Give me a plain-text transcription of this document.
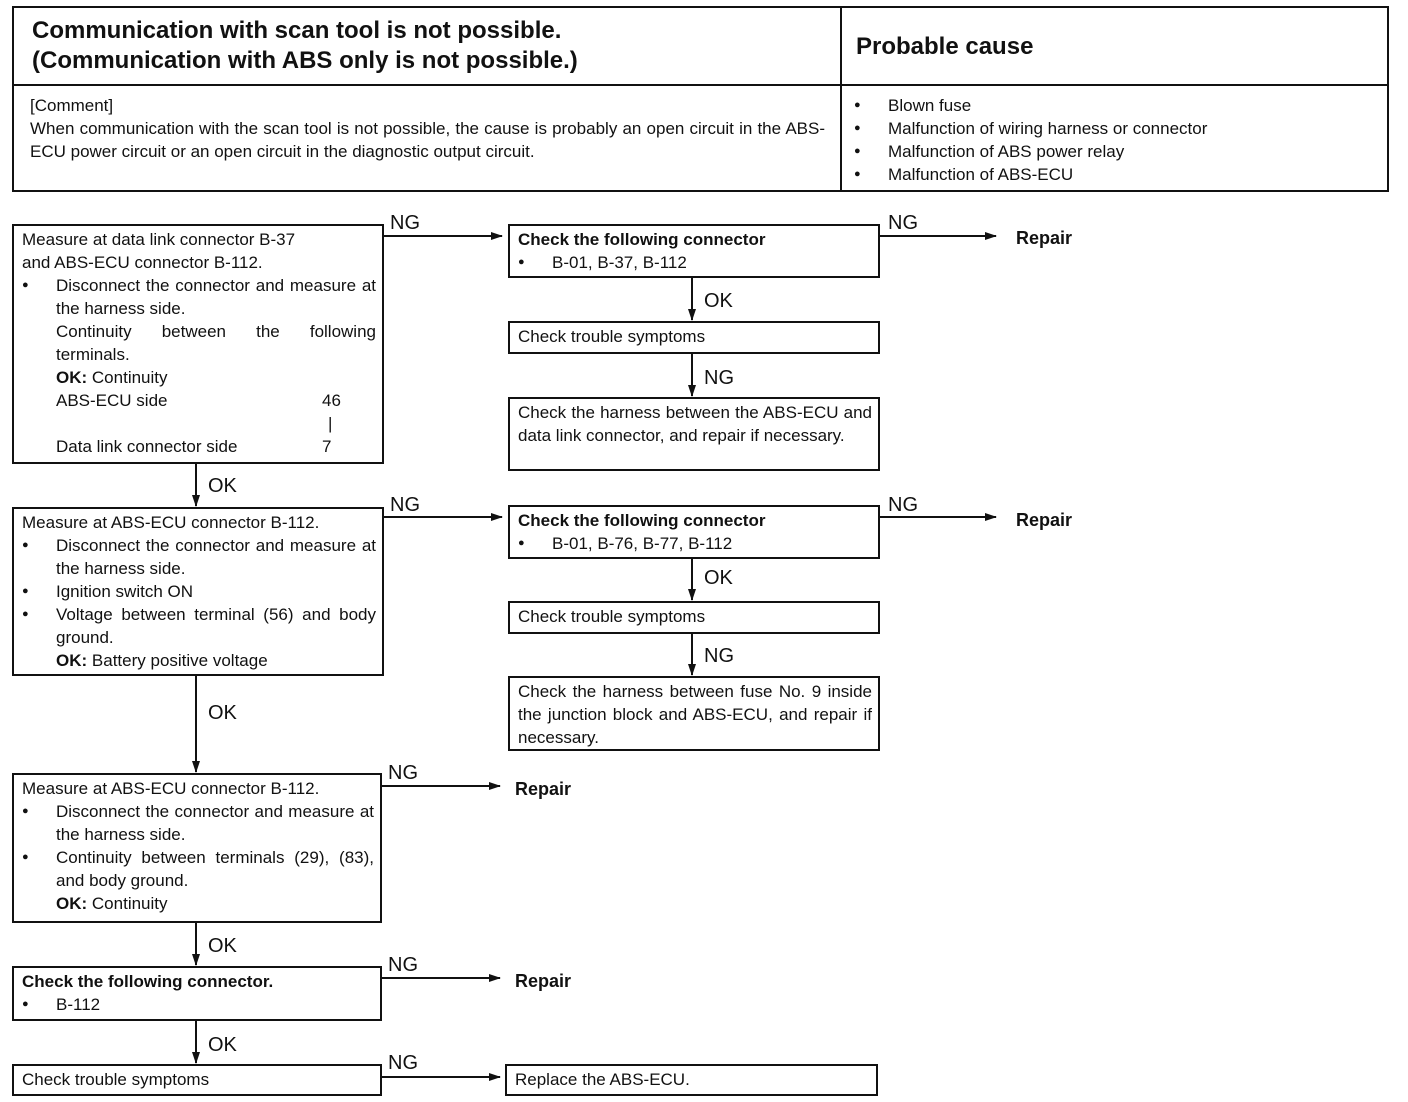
Communication with scan tool is not possible.
(Communication with ABS only is not possible.)
Probable cause
[Comment]
When communication with the scan tool is not possible, the cause is probably an open circuit in the ABS-ECU power circuit or an open circuit in the diagnostic output circuit.
● Blown fuse
● Malfunction of wiring harness or connector
● Malfunction of ABS power relay
● Malfunction of ABS-ECU
Measure at data link connector B-37
and ABS-ECU connector B-112.
● Disconnect the connector and measure at the harness side.
Continuity between the following
terminals.
OK: Continuity
ABS-ECU side	46
|
Data link connector side	7
NG
Check the following connector
● B-01, B-37, B-112
NG
Repair
OK
Check trouble symptoms
NG
Check the harness between the ABS-ECU and data link connector, and repair if necessary.
OK
Measure at ABS-ECU connector B-112.
● Disconnect the connector and measure at the harness side.
● Ignition switch ON
● Voltage between terminal (56) and body ground.
OK: Battery positive voltage
NG
Check the following connector
● B-01, B-76, B-77, B-112
NG
Repair
OK
Check trouble symptoms
NG
Check the harness between fuse No. 9 inside the junction block and ABS-ECU, and repair if necessary.
OK
Measure at ABS-ECU connector B-112.
● Disconnect the connector and measure at the harness side.
● Continuity between terminals (29), (83), and body ground.
OK: Continuity
NG
Repair
OK
Check the following connector.
● B-112
NG
Repair
OK
Check trouble symptoms
NG
Replace the ABS-ECU.
